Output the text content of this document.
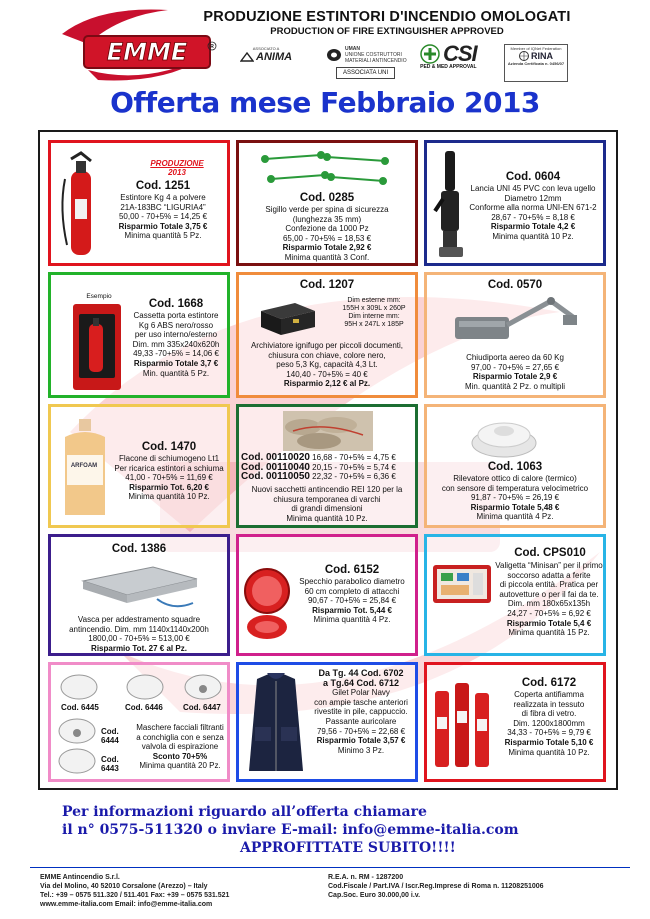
EMME	R
PRODUZIONE ESTINTORI D'INCENDIO OMOLOGATI
PRODUCTION OF FIRE EXTINGUISHER APPROVED
ASSOCIATO A
ANIMA
UMAN
UNIONE COSTRUTTORI MATERIALI ANTINCENDIO
ASSOCIATA UNI
CSI
PED & MED APPROVAL
Member of IQNet Federation
RINA
Azienda Certificata n. 0456/07
Offerta mese Febbraio 2013
PRODUZIONE
2013
Cod. 1251
Estintore Kg 4 a polvere
21A-183BC “LIGURIA4”
50,00 - 70+5% = 14,25 €
Risparmio Totale 3,75 €
Minima quantità 5 Pz.
Cod. 0285
Sigillo verde per spina di sicurezza
(lunghezza 35 mm)
Confezione da 1000 Pz
65,00 - 70+5% = 18,53 €
Risparmio Totale 2,92 €
Minima quantità 3 Conf.
Cod. 0604
Lancia UNI 45 PVC con leva ugello
Diametro 12mm
Conforme alla norma UNI-EN 671-2
28,67 - 70+5% = 8,18 €
Risparmio Totale 4,2 €
Minima quantità 10 Pz.
Esempio
Cod. 1668
Cassetta porta estintore
Kg 6 ABS nero/rosso
per uso interno/esterno
Dim. mm 335x240x620h
49,33 -70+5% = 14,06 €
Risparmio Totale 3,7 €
Min. quantità 5 Pz.
Cod. 1207
Dim esterne mm:
155H x 309L x 260P
Dim interne mm:
95H x 247L x 185P
Archiviatore ignifugo per piccoli documenti,
chiusura con chiave, colore nero,
peso 5,3 Kg, capacità 4,3 Lt.
140,40 - 70+5% = 40 €
Risparmio 2,12 € al Pz.
Cod. 0570
Chiudiporta aereo da 60 Kg
97,00 - 70+5% = 27,65 €
Risparmio Totale 2,9 €
Min. quantità 2 Pz. o multipli
ARFOAM
Cod. 1470
Flacone di schiumogeno Lt1
Per ricarica estintori a schiuma
41,00 - 70+5% = 11,69 €
Risparmio Tot. 6,20 €
Minima quantità 10 Pz.
Cod. 00110020 16,68 - 70+5% = 4,75 €
Cod. 00110040 20,15 - 70+5% = 5,74 €
Cod. 00110050 22,32 - 70+5% = 6,36 €
Nuovi sacchetti antincendio REI 120 per la
chiusura temporanea di varchi
di grandi dimensioni
Minima quantità 10 Pz.
Cod. 1063
Rilevatore ottico di calore (termico)
con sensore di temperatura velocimetrico
91,87 - 70+5% = 26,19 €
Risparmio Totale 5,48 €
Minima quantità 4 Pz.
Cod. 1386
Vasca per addestramento squadre
antincendio. Dim. mm 1140x1140x200h
1800,00 - 70+5% = 513,00 €
Risparmio Tot. 27 € al Pz.
Cod. 6152
Specchio parabolico diametro
60 cm completo di attacchi
90,67 - 70+5% = 25,84 €
Risparmio Tot. 5,44 €
Minima quantità 4 Pz.
Cod. CPS010
Valigetta “Minisan” per il primo
soccorso adatta a ferite
di piccola entità. Pratica per
autovetture o per il fai da te.
Dim. mm 180x65x135h
24,27 - 70+5% = 6,92 €
Risparmio Totale 5,4 €
Minima quantità 15 Pz.
Cod. 6445	Cod. 6446	Cod. 6447
Cod. 6444
Cod. 6443
Maschere facciali filtranti
a conchiglia con e senza
valvola di espirazione
Sconto 70+5%
Minima quantità 20 Pz.
Da Tg. 44 Cod. 6702
a Tg.64 Cod. 6712
Gilet Polar Navy
con ampie tasche anteriori
rivestite in pile, cappuccio.
Passante auricolare
79,56 - 70+5% = 22,68 €
Risparmio Totale 3,57 €
Minimo 3 Pz.
Cod. 6172
Coperta antifiamma
realizzata in tessuto
di fibra di vetro.
Dim. 1200x1800mm
34,33 - 70+5% = 9,79 €
Risparmio Totale 5,10 €
Minima quantità 10 Pz.
Per informazioni riguardo all’offerta chiamare
il n° 0575-511320 o inviare E-mail: info@emme-italia.com
APPROFITTATE SUBITO!!!!
EMME Antincendio S.r.l.
Via del Molino, 40 52010 Corsalone (Arezzo) – Italy
Tel.: +39 – 0575 511.320 / 511.401 Fax: +39 – 0575 531.521
www.emme-italia.com Email: info@emme-italia.com
R.E.A. n. RM - 1287200
Cod.Fiscale / Part.IVA / Iscr.Reg.Imprese di Roma n. 11208251006
Cap.Soc. Euro 30.000,00 i.v.
